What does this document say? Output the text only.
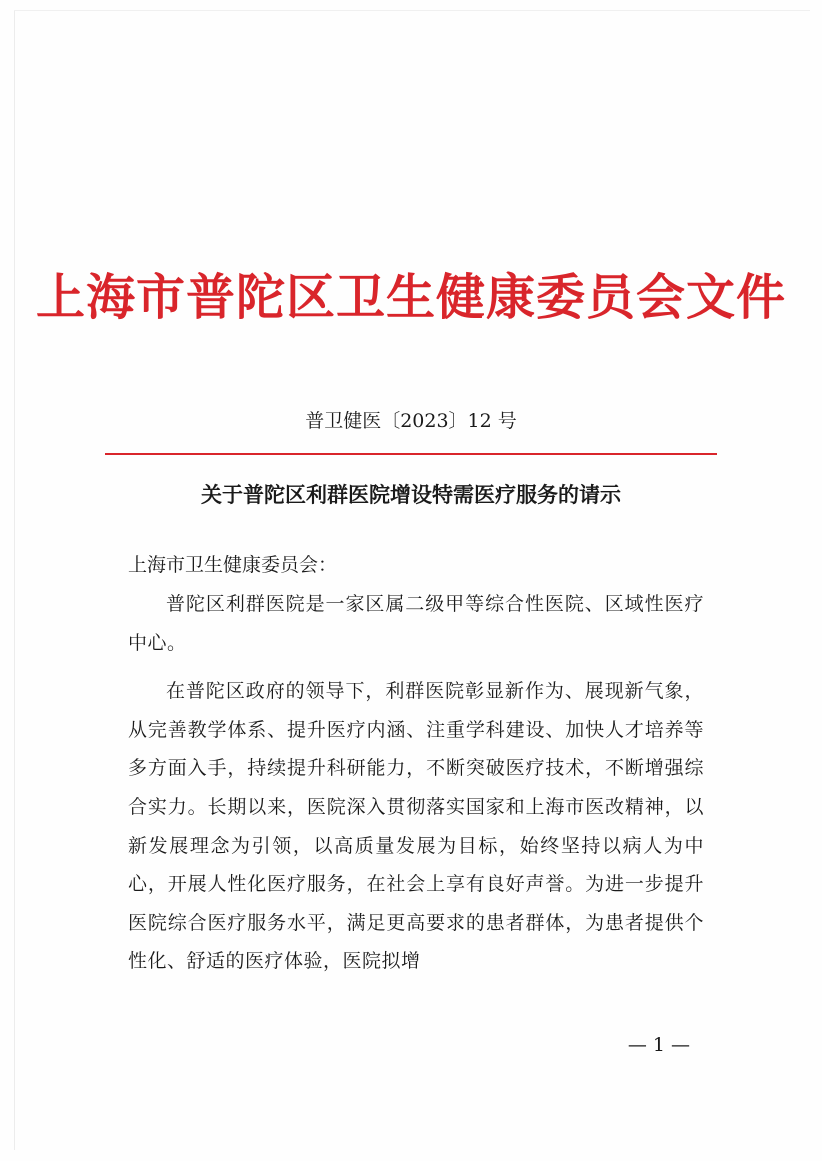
上海市普陀区卫生健康委员会文件
普卫健医〔2023〕12 号
关于普陀区利群医院增设特需医疗服务的请示
上海市卫生健康委员会：

普陀区利群医院是一家区属二级甲等综合性医院、区域性医疗中心。

在普陀区政府的领导下，利群医院彰显新作为、展现新气象，从完善教学体系、提升医疗内涵、注重学科建设、加快人才培养等多方面入手，持续提升科研能力，不断突破医疗技术，不断增强综合实力。长期以来，医院深入贯彻落实国家和上海市医改精神，以新发展理念为引领，以高质量发展为目标，始终坚持以病人为中心，开展人性化医疗服务，在社会上享有良好声誉。为进一步提升医院综合医疗服务水平，满足更高要求的患者群体，为患者提供个性化、舒适的医疗体验，医院拟增

— 1 —
